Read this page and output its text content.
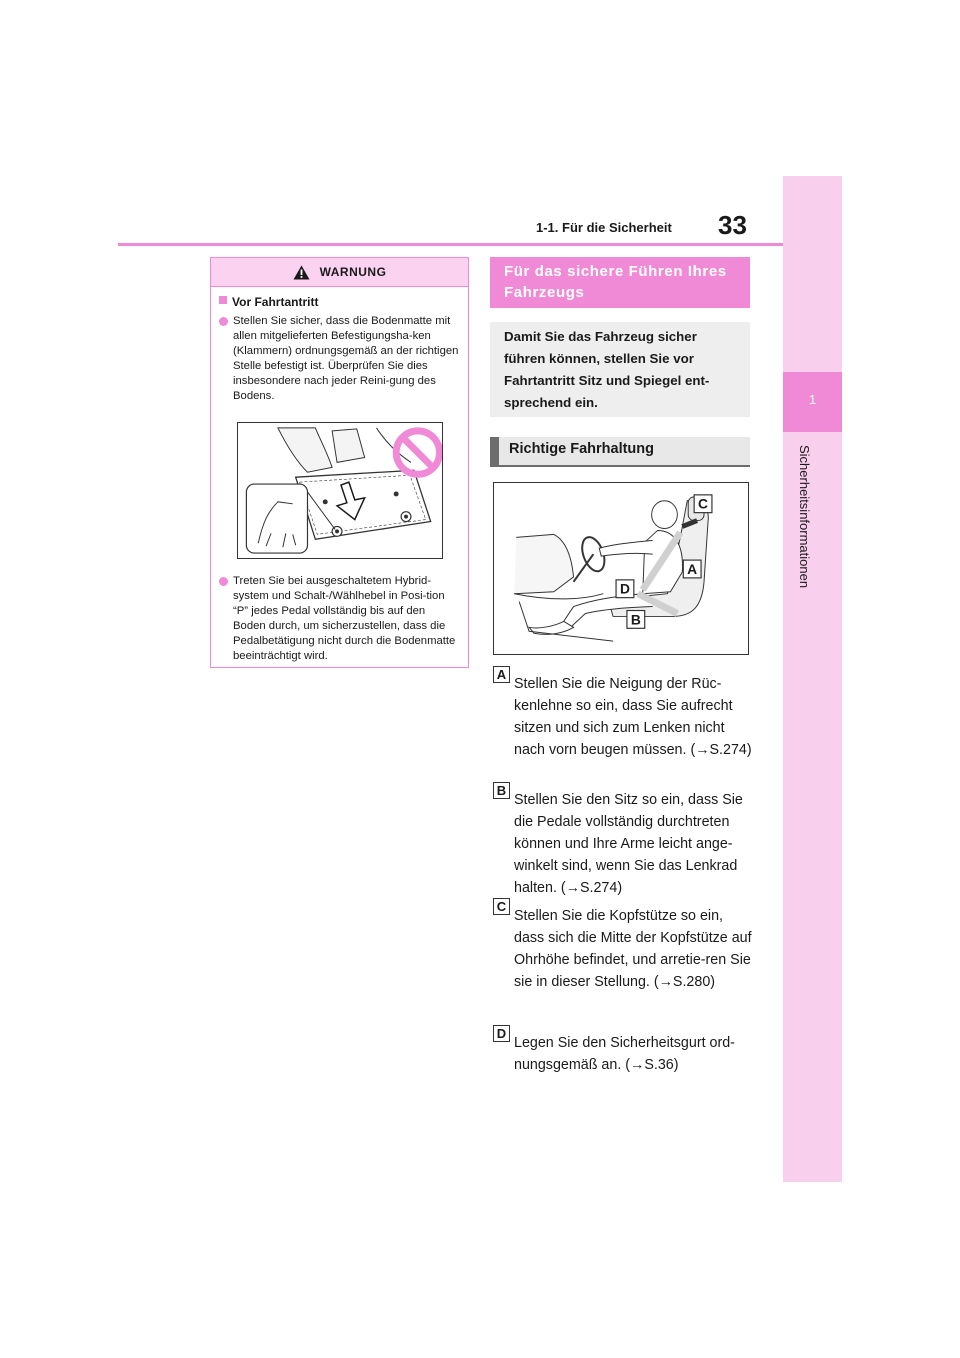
1-1. Für die Sicherheit 33
1
Sicherheitsinformationen
WARNUNG
Vor Fahrtantritt
Stellen Sie sicher, dass die Bodenmatte mit allen mitgelieferten Befestigungsha-ken (Klammern) ordnungsgemäß an der richtigen Stelle befestigt ist. Überprüfen Sie dies insbesondere nach jeder Reini-gung des Bodens.
Treten Sie bei ausgeschaltetem Hybrid-system und Schalt-/Wählhebel in Posi-tion “P” jedes Pedal vollständig bis auf den Boden durch, um sicherzustellen, dass die Pedalbetätigung nicht durch die Bodenmatte beeinträchtigt wird.
Für das sichere Führen Ihres Fahrzeugs
Damit Sie das Fahrzeug sicher führen können, stellen Sie vor Fahrtantritt Sitz und Spiegel ent-sprechend ein.
Richtige Fahrhaltung
C
A
D
B
A
Stellen Sie die Neigung der Rüc-kenlehne so ein, dass Sie aufrecht sitzen und sich zum Lenken nicht nach vorn beugen müssen. (→S.274)
B
Stellen Sie den Sitz so ein, dass Sie die Pedale vollständig durchtreten können und Ihre Arme leicht ange-winkelt sind, wenn Sie das Lenkrad halten. (→S.274)
C
Stellen Sie die Kopfstütze so ein, dass sich die Mitte der Kopfstütze auf Ohrhöhe befindet, und arretie-ren Sie sie in dieser Stellung. (→S.280)
D
Legen Sie den Sicherheitsgurt ord-nungsgemäß an. (→S.36)
